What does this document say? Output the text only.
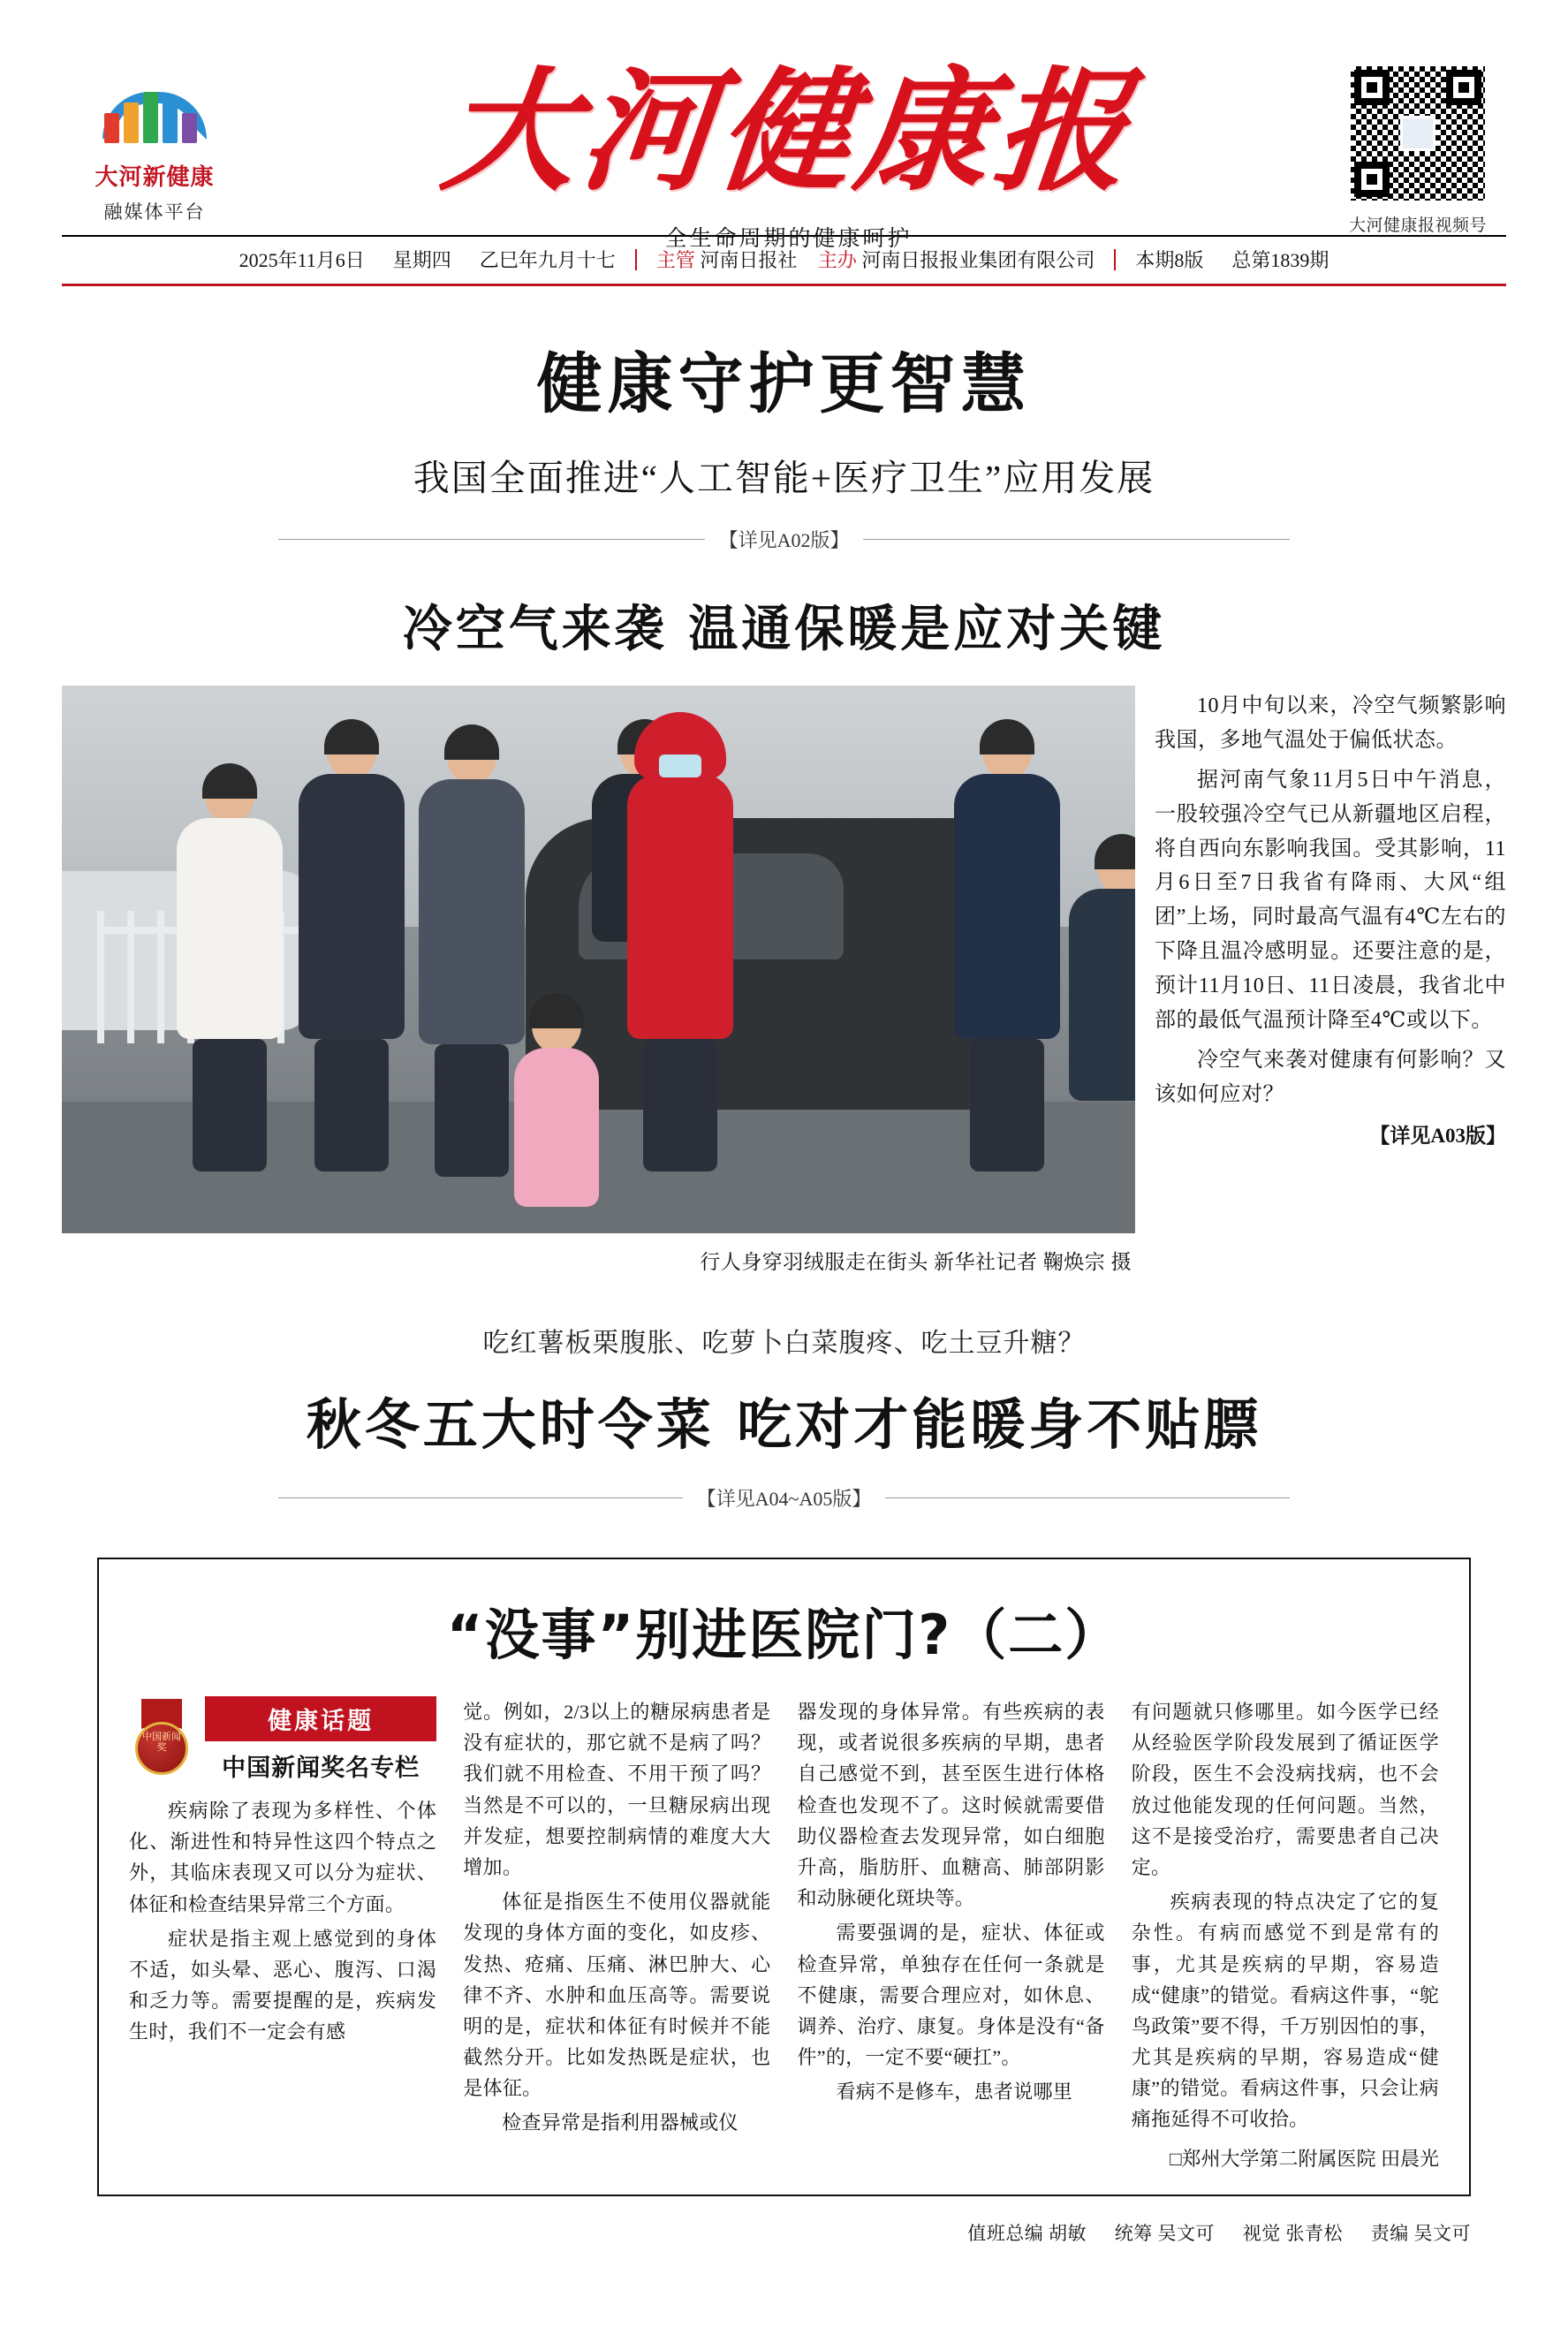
大河新健康
融媒体平台
大河健康报
全生命周期的健康呵护
大河健康报视频号
2025年11月6日	星期四	乙巳年九月十七	主管 河南日报社 主办 河南日报报业集团有限公司	本期8版	总第1839期
健康守护更智慧
我国全面推进“人工智能+医疗卫生”应用发展
【详见A02版】
冷空气来袭 温通保暖是应对关键
行人身穿羽绒服走在街头 新华社记者 鞠焕宗 摄

10月中旬以来，冷空气频繁影响我国，多地气温处于偏低状态。

据河南气象11月5日中午消息，一股较强冷空气已从新疆地区启程，将自西向东影响我国。受其影响，11月6日至7日我省有降雨、大风“组团”上场，同时最高气温有4℃左右的下降且温冷感明显。还要注意的是，预计11月10日、11日凌晨，我省北中部的最低气温预计降至4℃或以下。

冷空气来袭对健康有何影响？又该如何应对？

【详见A03版】
吃红薯板栗腹胀、吃萝卜白菜腹疼、吃土豆升糖？
秋冬五大时令菜 吃对才能暖身不贴膘
【详见A04~A05版】
“没事”别进医院门?（二）
中国新闻奖
健康话题
中国新闻奖名专栏

疾病除了表现为多样性、个体化、渐进性和特异性这四个特点之外，其临床表现又可以分为症状、体征和检查结果异常三个方面。

症状是指主观上感觉到的身体不适，如头晕、恶心、腹泻、口渴和乏力等。需要提醒的是，疾病发生时，我们不一定会有感

觉。例如，2/3以上的糖尿病患者是没有症状的，那它就不是病了吗？我们就不用检查、不用干预了吗？当然是不可以的，一旦糖尿病出现并发症，想要控制病情的难度大大增加。

体征是指医生不使用仪器就能发现的身体方面的变化，如皮疹、发热、疮痛、压痛、淋巴肿大、心律不齐、水肿和血压高等。需要说明的是，症状和体征有时候并不能截然分开。比如发热既是症状，也是体征。

检查异常是指利用器械或仪

器发现的身体异常。有些疾病的表现，或者说很多疾病的早期，患者自己感觉不到，甚至医生进行体格检查也发现不了。这时候就需要借助仪器检查去发现异常，如白细胞升高，脂肪肝、血糖高、肺部阴影和动脉硬化斑块等。

需要强调的是，症状、体征或检查异常，单独存在任何一条就是不健康，需要合理应对，如休息、调养、治疗、康复。身体是没有“备件”的，一定不要“硬扛”。

看病不是修车，患者说哪里

有问题就只修哪里。如今医学已经从经验医学阶段发展到了循证医学阶段，医生不会没病找病，也不会放过他能发现的任何问题。当然，这不是接受治疗，需要患者自己决定。

疾病表现的特点决定了它的复杂性。有病而感觉不到是常有的事，尤其是疾病的早期，容易造成“健康”的错觉。看病这件事，“鸵鸟政策”要不得，千万别因怕的事，尤其是疾病的早期，容易造成“健康”的错觉。看病这件事，只会让病痛拖延得不可收拾。

□郑州大学第二附属医院 田晨光
值班总编 胡敏 统筹 吴文可 视觉 张青松 责编 吴文可
